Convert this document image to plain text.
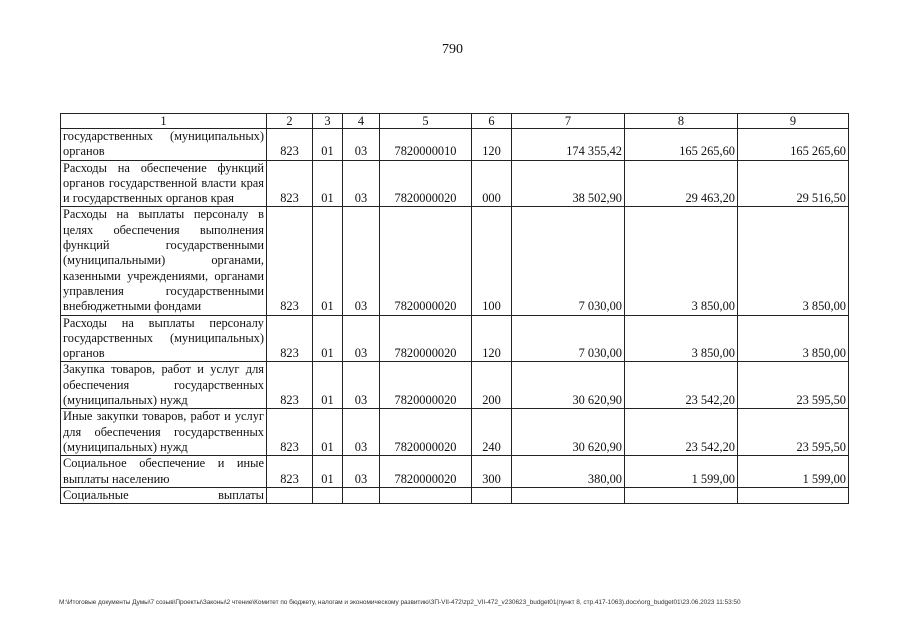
790
1	2	3	4	5	6	7	8	9
государственных (муниципальных) органов	823	01	03	7820000010	120	174 355,42	165 265,60	165 265,60
Расходы на обеспечение функций органов государственной власти края и государственных органов края	823	01	03	7820000020	000	38 502,90	29 463,20	29 516,50
Расходы на выплаты персоналу в целях обеспечения выполнения функций государственными (муниципальными) органами, казенными учреждениями, органами управления государственными внебюджетными фондами	823	01	03	7820000020	100	7 030,00	3 850,00	3 850,00
Расходы на выплаты персоналу государственных (муниципальных) органов	823	01	03	7820000020	120	7 030,00	3 850,00	3 850,00
Закупка товаров, работ и услуг для обеспечения государственных (муниципальных) нужд	823	01	03	7820000020	200	30 620,90	23 542,20	23 595,50
Иные закупки товаров, работ и услуг для обеспечения государственных (муниципальных) нужд	823	01	03	7820000020	240	30 620,90	23 542,20	23 595,50
Социальное обеспечение и иные выплаты населению	823	01	03	7820000020	300	380,00	1 599,00	1 599,00
Социальные выплаты								
M:\Итоговые документы Думы\7 созыв\Проекты\Законы\2 чтение\Комитет по бюджету, налогам и экономическому развитию\ЗП-VII-472\zp2_VII-472_v230623_budget01(пункт 8, стр.417-1063).docx\org_budget01\23.06.2023 11:53:50
